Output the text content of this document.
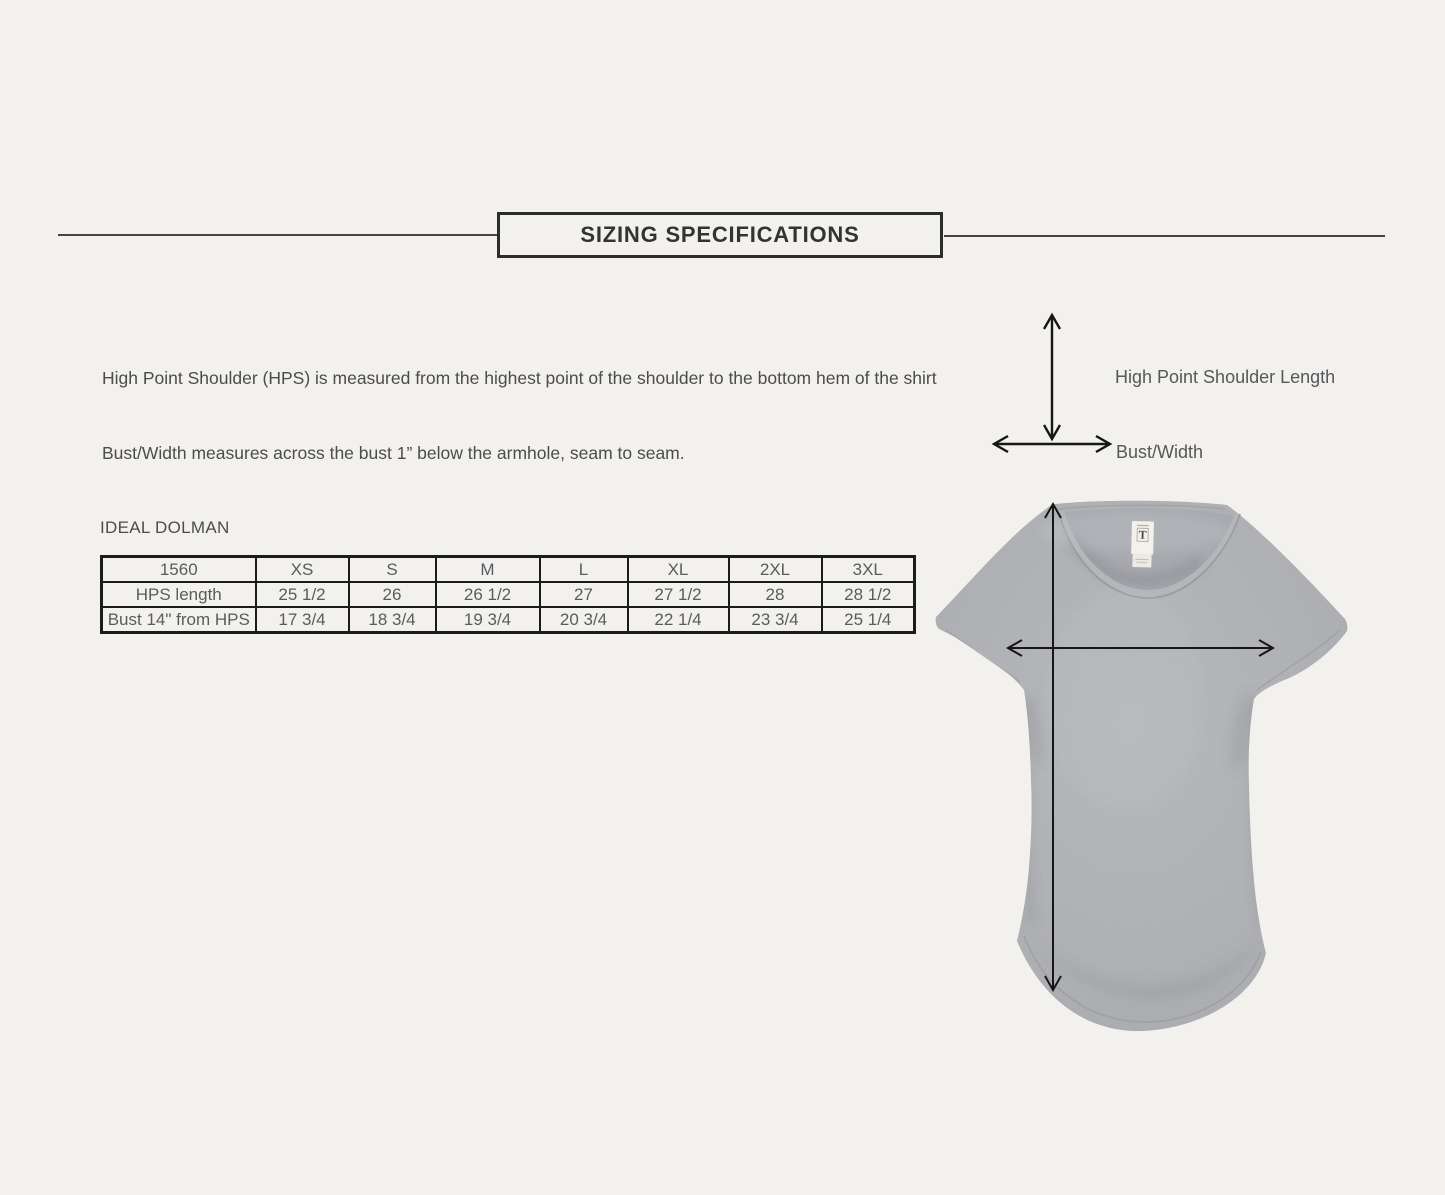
SIZING SPECIFICATIONS

High Point Shoulder (HPS) is measured from the highest point of the shoulder to the bottom hem of the shirt

Bust/Width measures across the bust 1” below the armhole, seam to seam.

High Point Shoulder Length
Bust/Width
IDEAL DOLMAN
1560	XS	S	M	L	XL	2XL	3XL
HPS length	25 1/2	26	26 1/2	27	27 1/2	28	28 1/2
Bust 14" from HPS	17 3/4	18 3/4	19 3/4	20 3/4	22 1/4	23 3/4	25 1/4
T
